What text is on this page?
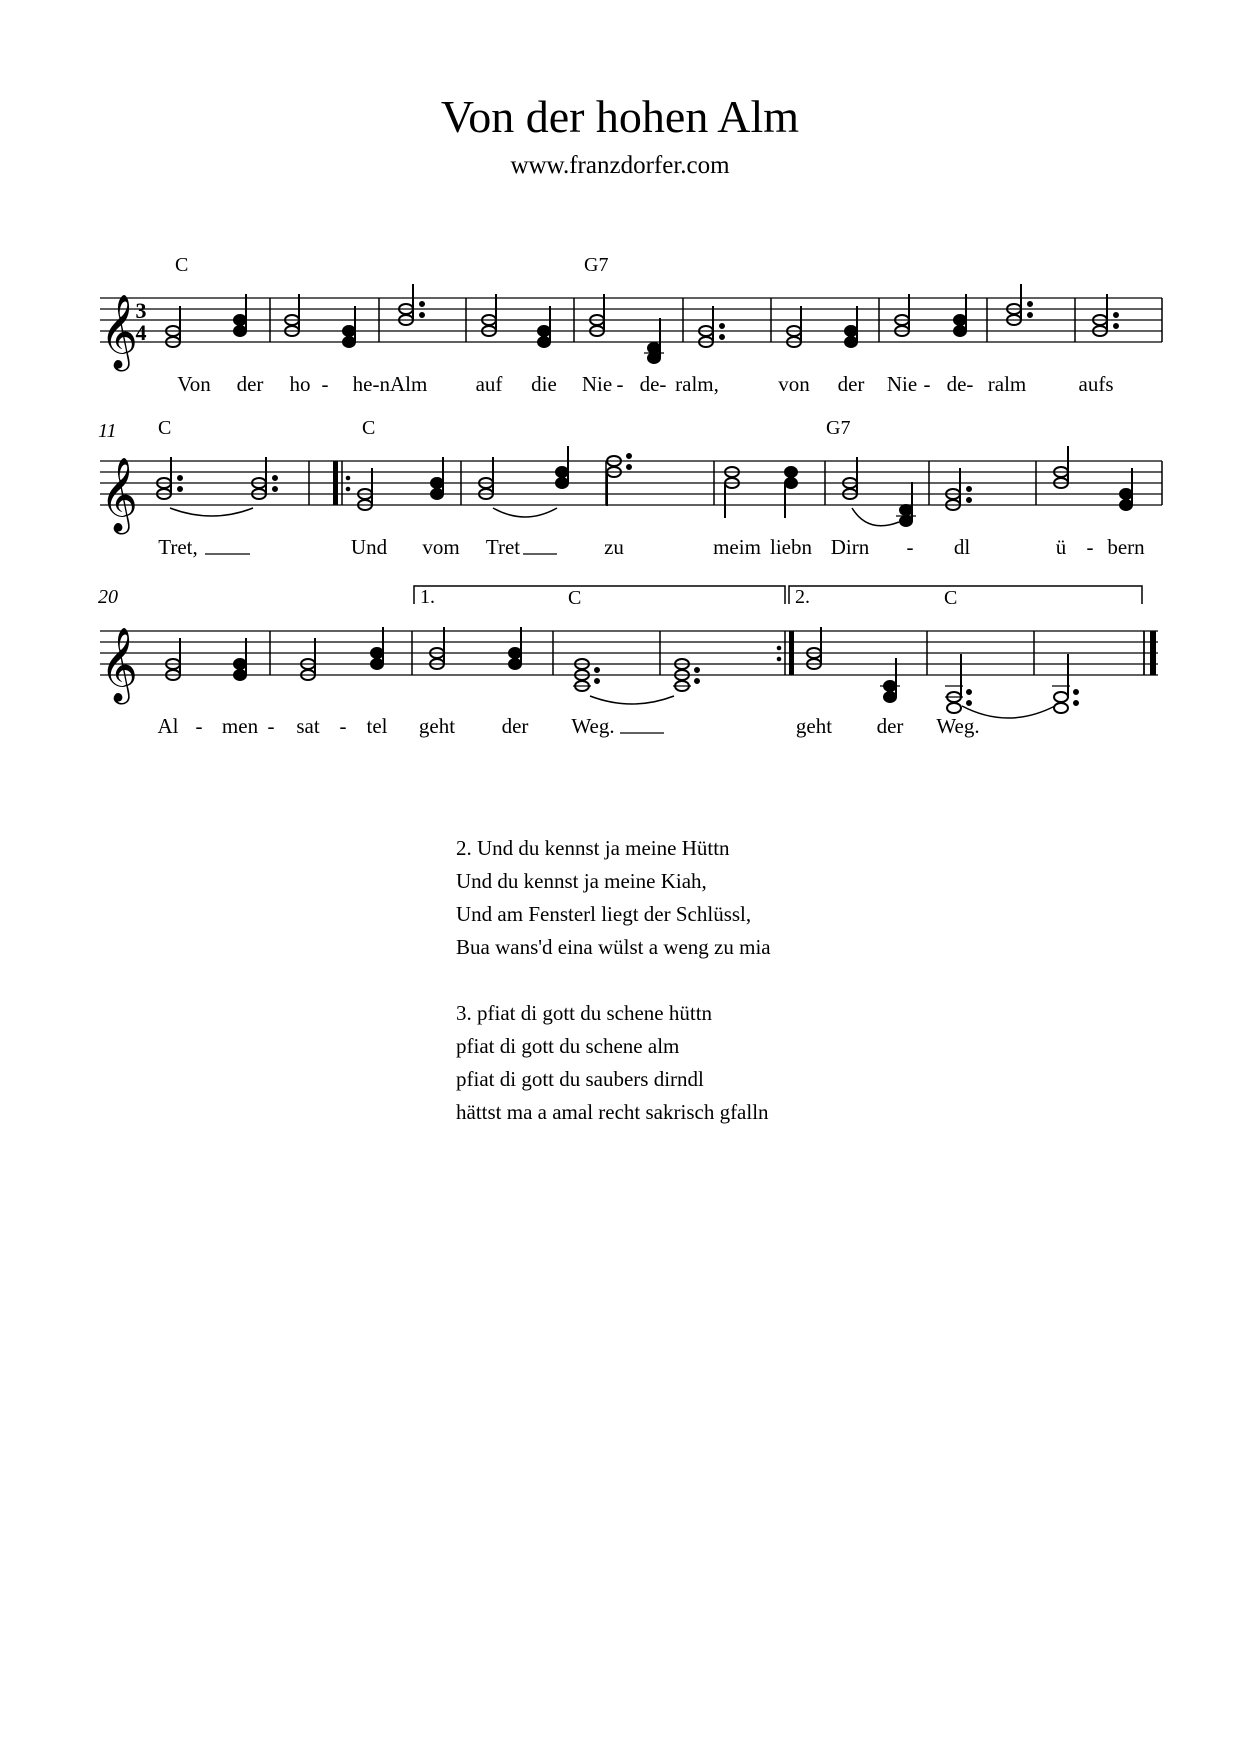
Von der hohen Alm
www.franzdorfer.com
𝄞
3
4
C	G7
Von der ho - he-nAlm auf die Nie - de- ralm,	von der Nie - de- ralm aufs
11
𝄞
C	C	G7
Tret,	Und vom Tret	zu	meim liebn Dirn - dl	ü - bern
20
𝄞
1.	2.
C	C
Al - men - sat - tel geht der Weg.	geht der Weg.
2. Und du kennst ja meine Hüttn
Und du kennst ja meine Kiah,
Und am Fensterl liegt der Schlüssl,
Bua wans'd eina wülst a weng zu mia
3. pfiat di gott du schene hüttn
pfiat di gott du schene alm
pfiat di gott du saubers dirndl
hättst ma a amal recht sakrisch gfalln
